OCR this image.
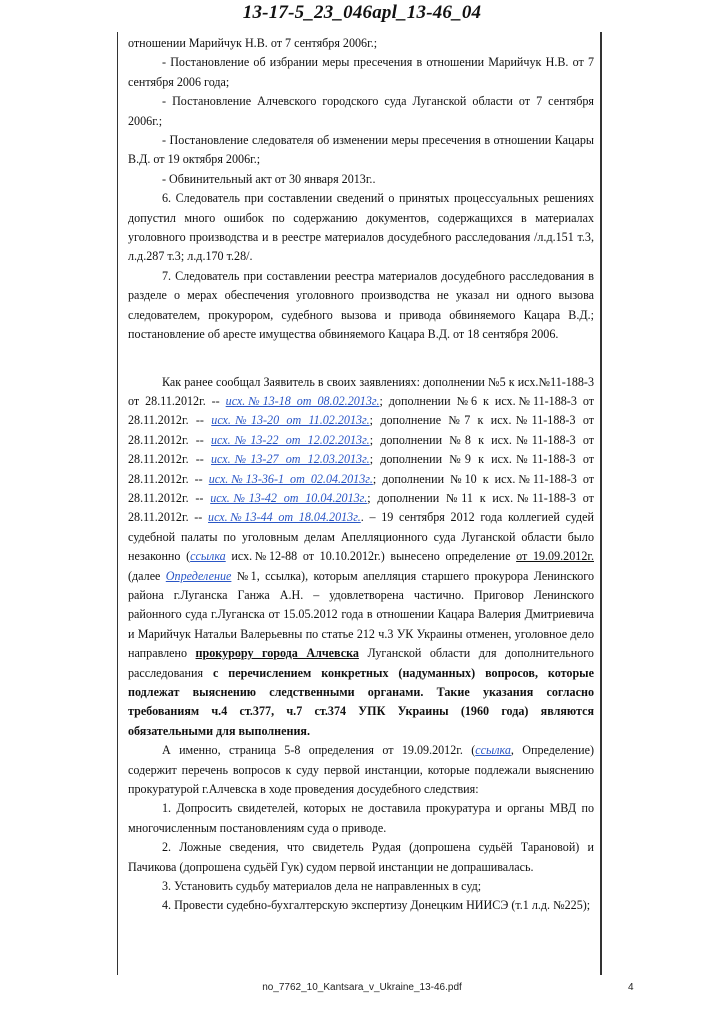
13-17-5_23_046apl_13-46_04

отношении Марийчук Н.В. от 7 сентября 2006г.;

- Постановление об избрании меры пресечения в отношении Марийчук Н.В. от 7 сентября 2006 года;

- Постановление Алчевского городского суда Луганской области от 7 сентября 2006г.;

- Постановление следователя об изменении меры пресечения в отношении Кацары В.Д. от 19 октября 2006г.;

- Обвинительный акт от 30 января 2013г..

6. Следователь при составлении сведений о принятых процессуальных решениях допустил много ошибок по содержанию документов, содержащихся в материалах уголовного производства и в реестре материалов досудебного расследования /л.д.151 т.3, л.д.287 т.3; л.д.170 т.28/.

7. Следователь при составлении реестра материалов досудебного расследования в разделе о мерах обеспечения уголовного производства не указал ни одного вызова следователем, прокурором, судебного вызова и привода обвиняемого Кацара В.Д.; постановление об аресте имущества обвиняемого Кацара В.Д. от 18 сентября 2006.

Как ранее сообщал Заявитель в своих заявлениях: дополнении №5 к исх.№11-188-3 от 28.11.2012г. -- исх.№13-18 от 08.02.2013г.; дополнении №6 к исх.№11-188-3 от 28.11.2012г. -- исх.№13-20 от 11.02.2013г.; дополнение №7 к исх.№11-188-3 от 28.11.2012г. -- исх.№13-22 от 12.02.2013г.; дополнении №8 к исх.№11-188-3 от 28.11.2012г. -- исх.№13-27 от 12.03.2013г.; дополнении №9 к исх.№11-188-3 от 28.11.2012г. -- исх.№13-36-1 от 02.04.2013г.; дополнении №10 к исх.№11-188-3 от 28.11.2012г. -- исх.№13-42 от 10.04.2013г.; дополнении №11 к исх.№11-188-3 от 28.11.2012г. -- исх.№13-44 от 18.04.2013г.. – 19 сентября 2012 года коллегией судей судебной палаты по уголовным делам Апелляционного суда Луганской области было незаконно (ссылка исх.№12-88 от 10.10.2012г.) вынесено определение от 19.09.2012г. (далее Определение №1, ссылка), которым апелляция старшего прокурора Ленинского района г.Луганска Ганжа А.Н. – удовлетворена частично. Приговор Ленинского районного суда г.Луганска от 15.05.2012 года в отношении Кацара Валерия Дмитриевича и Марийчук Натальи Валерьевны по статье 212 ч.3 УК Украины отменен, уголовное дело направлено прокурору города Алчевска Луганской области для дополнительного расследования с перечислением конкретных (надуманных) вопросов, которые подлежат выяснению следственными органами. Такие указания согласно требованиям ч.4 ст.377, ч.7 ст.374 УПК Украины (1960 года) являются обязательными для выполнения.

А именно, страница 5-8 определения от 19.09.2012г. (ссылка, Определение) содержит перечень вопросов к суду первой инстанции, которые подлежали выяснению прокуратурой г.Алчевска в ходе проведения досудебного следствия:

1. Допросить свидетелей, которых не доставила прокуратура и органы МВД по многочисленным постановлениям суда о приводе.

2. Ложные сведения, что свидетель Рудая (допрошена судьёй Тарановой) и Пачикова (допрошена судьёй Гук) судом первой инстанции не допрашивалась.

3. Установить судьбу материалов дела не направленных в суд;

4. Провести судебно-бухгалтерскую экспертизу Донецким НИИСЭ (т.1 л.д. №225);

no_7762_10_Kantsara_v_Ukraine_13-46.pdf	4
